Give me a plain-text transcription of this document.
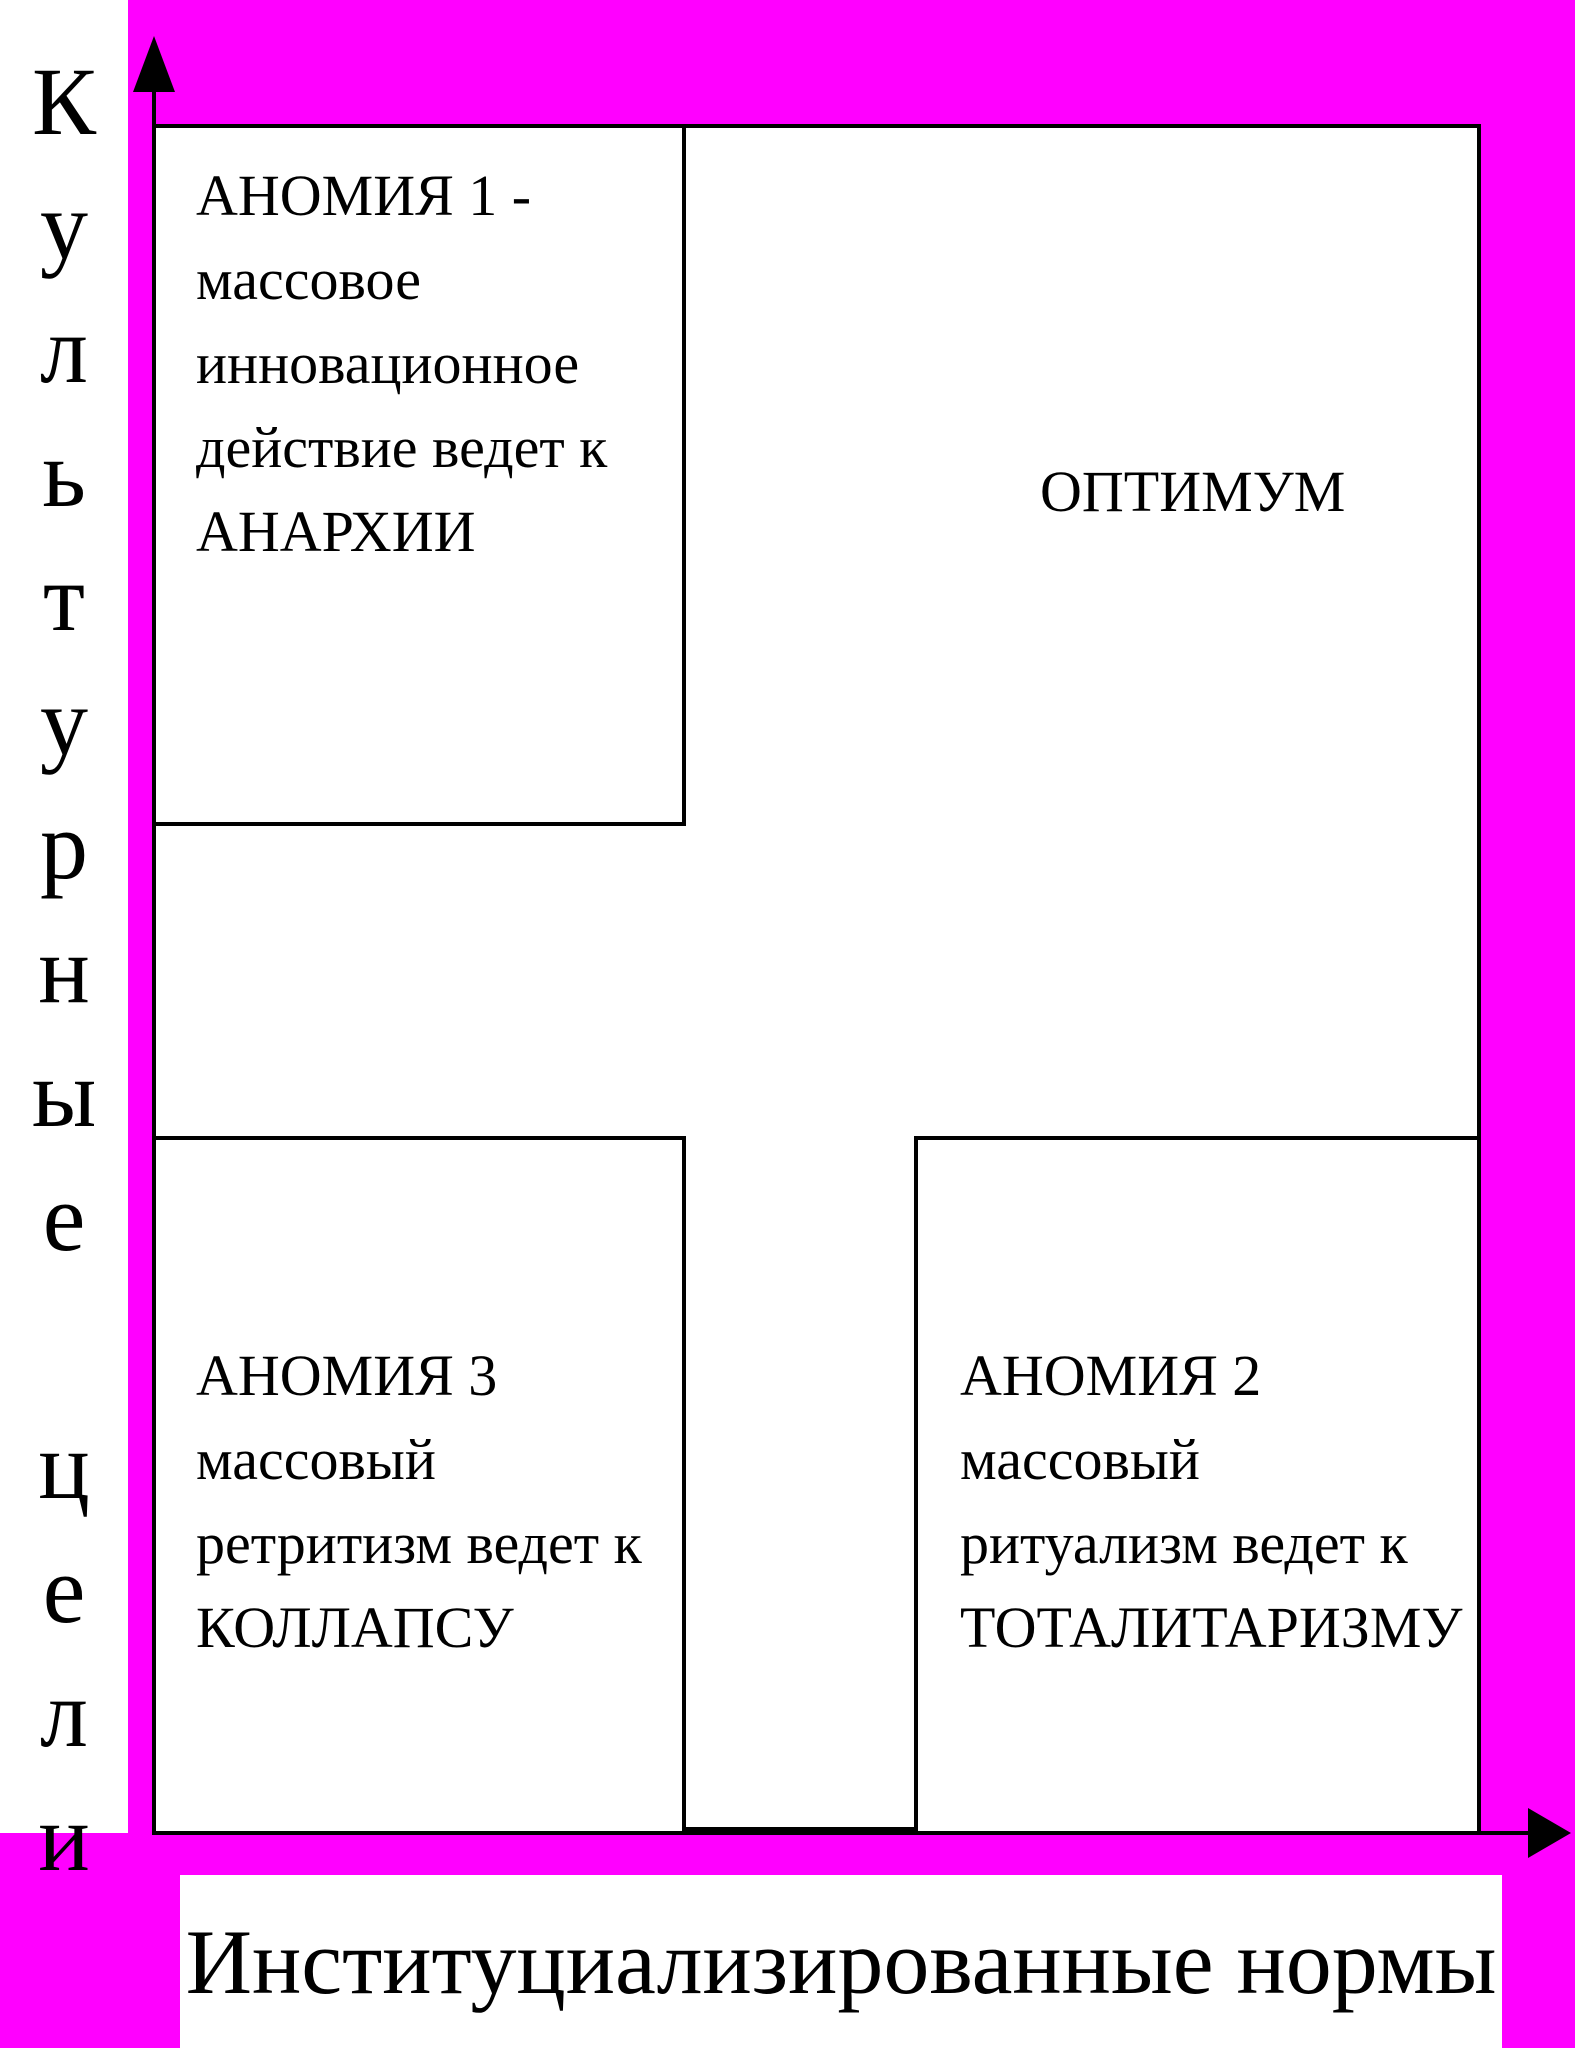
К
у
л
ь
т
у
р
н
ы
е
ц
е
л
и
АНОМИЯ 1 -
массовое
инновационное
действие ведет к
АНАРХИИ
ОПТИМУМ
АНОМИЯ 3
массовый
ретритизм ведет к
КОЛЛАПСУ
АНОМИЯ 2
массовый
ритуализм ведет к
ТОТАЛИТАРИЗМУ
Институциализированные нормы
